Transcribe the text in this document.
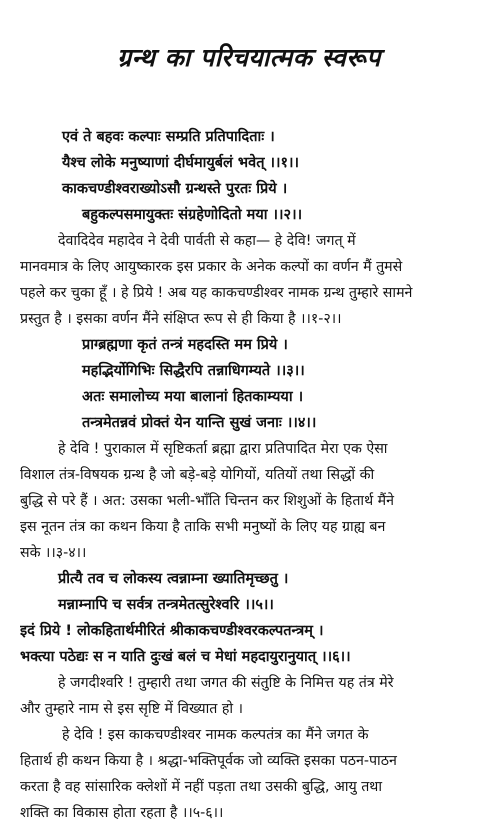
ग्रन्थ का परिचयात्मक स्वरूप
एवं ते बहवः कल्पाः सम्प्रति प्रतिपादिताः ।
यैश्च लोके मनुष्याणां दीर्घमायुर्बलं भवेत् ।।१।।
काकचण्डीश्वराख्योऽसौ ग्रन्थस्ते पुरतः प्रिये ।
बहुकल्पसमायुक्तः संग्रहेणोदितो मया ।।२।।
देवादिदेव महादेव ने देवी पार्वती से कहा— हे देवि! जगत् में
मानवमात्र के लिए आयुष्कारक इस प्रकार के अनेक कल्पों का वर्णन मैं तुमसे
पहले कर चुका हूँ । हे प्रिये ! अब यह काकचण्डीश्वर नामक ग्रन्थ तुम्हारे सामने
प्रस्तुत है । इसका वर्णन मैंने संक्षिप्त रूप से ही किया है ।।१-२।।
प्राग्ब्रह्मणा कृतं तन्त्रं महदस्ति मम प्रिये ।
महद्भिर्योगिभिः सिद्धैरपि तन्नाधिगम्यते ।।३।।
अतः समालोच्य मया बालानां हितकाम्यया ।
तन्त्रमेतन्नवं प्रोक्तं येन यान्ति सुखं जनाः ।।४।।
हे देवि ! पुराकाल में सृष्टिकर्ता ब्रह्मा द्वारा प्रतिपादित मेरा एक ऐसा
विशाल तंत्र-विषयक ग्रन्थ है जो बड़े-बड़े योगियों, यतियों तथा सिद्धों की
बुद्धि से परे हैं । अत: उसका भली-भाँति चिन्तन कर शिशुओं के हितार्थ मैंने
इस नूतन तंत्र का कथन किया है ताकि सभी मनुष्यों के लिए यह ग्राह्य बन
सके ।।३-४।।
प्रीत्यै तव च लोकस्य त्वन्नाम्ना ख्यातिमृच्छतु ।
मन्नाम्नापि च सर्वत्र तन्त्रमेतत्सुरेश्वरि ।।५।।
इदं प्रिये ! लोकहितार्थमीरितं श्रीकाकचण्डीश्वरकल्पतन्त्रम् ।
भक्त्या पठेद्यः स न याति दुःखं बलं च मेधां महदायुरानुयात् ।।६।।
हे जगदीश्वरि ! तुम्हारी तथा जगत की संतुष्टि के निमित्त यह तंत्र मेरे
और तुम्हारे नाम से इस सृष्टि में विख्यात हो ।
हे देवि ! इस काकचण्डीश्वर नामक कल्पतंत्र का मैंने जगत के
हितार्थ ही कथन किया है । श्रद्धा-भक्तिपूर्वक जो व्यक्ति इसका पठन-पाठन
करता है वह सांसारिक क्लेशों में नहीं पड़ता तथा उसकी बुद्धि, आयु तथा
शक्ति का विकास होता रहता है ।।५-६।।
